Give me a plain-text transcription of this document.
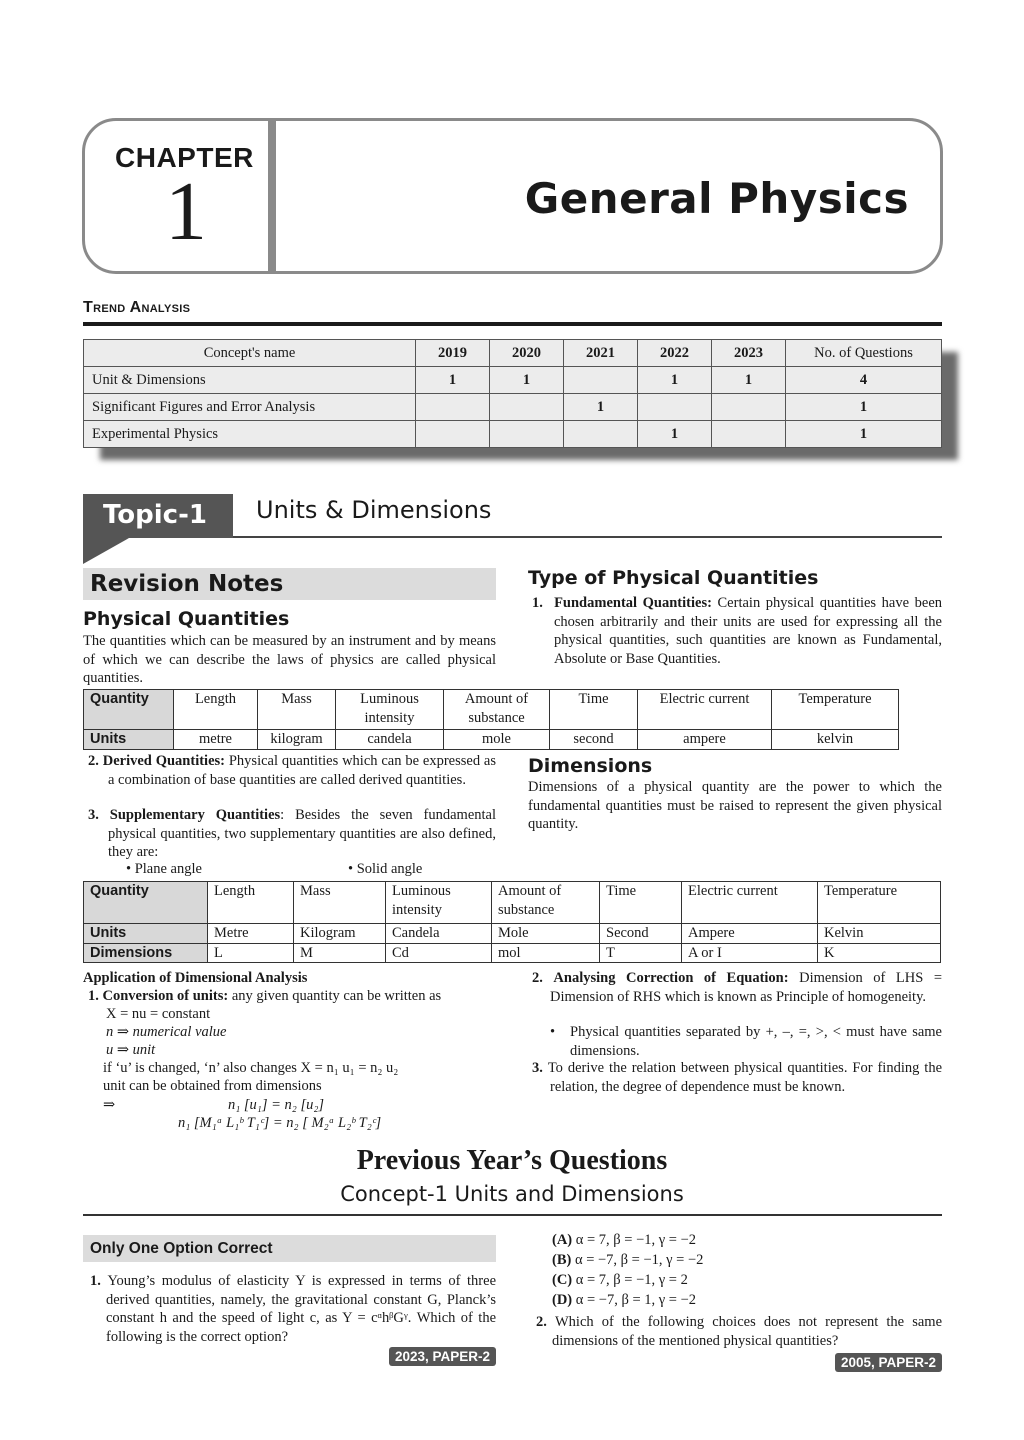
CHAPTER
1	General Physics
Trend Analysis
Concept's name	2019	2020	2021	2022	2023	No. of Questions
Unit & Dimensions	1	1		1	1	4
Significant Figures and Error Analysis			1			1
Experimental Physics				1		1
Topic-1 Units & Dimensions
Revision Notes
Physical Quantities
The quantities which can be measured by an instrument and by means of which we can describe the laws of physics are called physical quantities.
Type of Physical Quantities
1. Fundamental Quantities: Certain physical quantities have been chosen arbitrarily and their units are used for expressing all the physical quantities, such quantities are known as Fundamental, Absolute or Base Quantities.
Quantity	Length	Mass	Luminous intensity	Amount of substance	Time	Electric current	Temperature
Units	metre	kilogram	candela	mole	second	ampere	kelvin
2. Derived Quantities: Physical quantities which can be expressed as a combination of base quantities are called derived quantities.
3. Supplementary Quantities: Besides the seven fundamental physical quantities, two supplementary quantities are also defined, they are:
• Plane angle	• Solid angle
Dimensions
Dimensions of a physical quantity are the power to which the fundamental quantities must be raised to represent the given physical quantity.
Quantity	Length	Mass	Luminous intensity	Amount of substance	Time	Electric current	Temperature
Units	Metre	Kilogram	Candela	Mole	Second	Ampere	Kelvin
Dimensions	L	M	Cd	mol	T	A or I	K
Application of Dimensional Analysis
1. Conversion of units: any given quantity can be written as
X = nu = constant
n ⇒ numerical value
u ⇒ unit
if ‘u’ is changed, ‘n’ also changes X = n₁ u₁ = n₂ u₂
unit can be obtained from dimensions
⇒	n₁ [u₁] = n₂ [u₂]
n₁ [M₁ᵃ L₁ᵇ T₁ᶜ] = n₂ [ M₂ᵃ L₂ᵇ T₂ᶜ]
2. Analysing Correction of Equation: Dimension of LHS = Dimension of RHS which is known as Principle of homogeneity.
• Physical quantities separated by +, –, =, >, < must have same dimensions.
3. To derive the relation between physical quantities. For finding the relation, the degree of dependence must be known.
Previous Year’s Questions
Concept-1 Units and Dimensions
Only One Option Correct
1. Young’s modulus of elasticity Y is expressed in terms of three derived quantities, namely, the gravitational constant G, Planck’s constant h and the speed of light c, as Y = cᵅhᵝGᵞ. Which of the following is the correct option?
2023, PAPER-2
(A) α = 7, β = −1, γ = −2
(B) α = −7, β = −1, γ = −2
(C) α = 7, β = −1, γ = 2
(D) α = −7, β = 1, γ = −2
2. Which of the following choices does not represent the same dimensions of the mentioned physical quantities?
2005, PAPER-2
